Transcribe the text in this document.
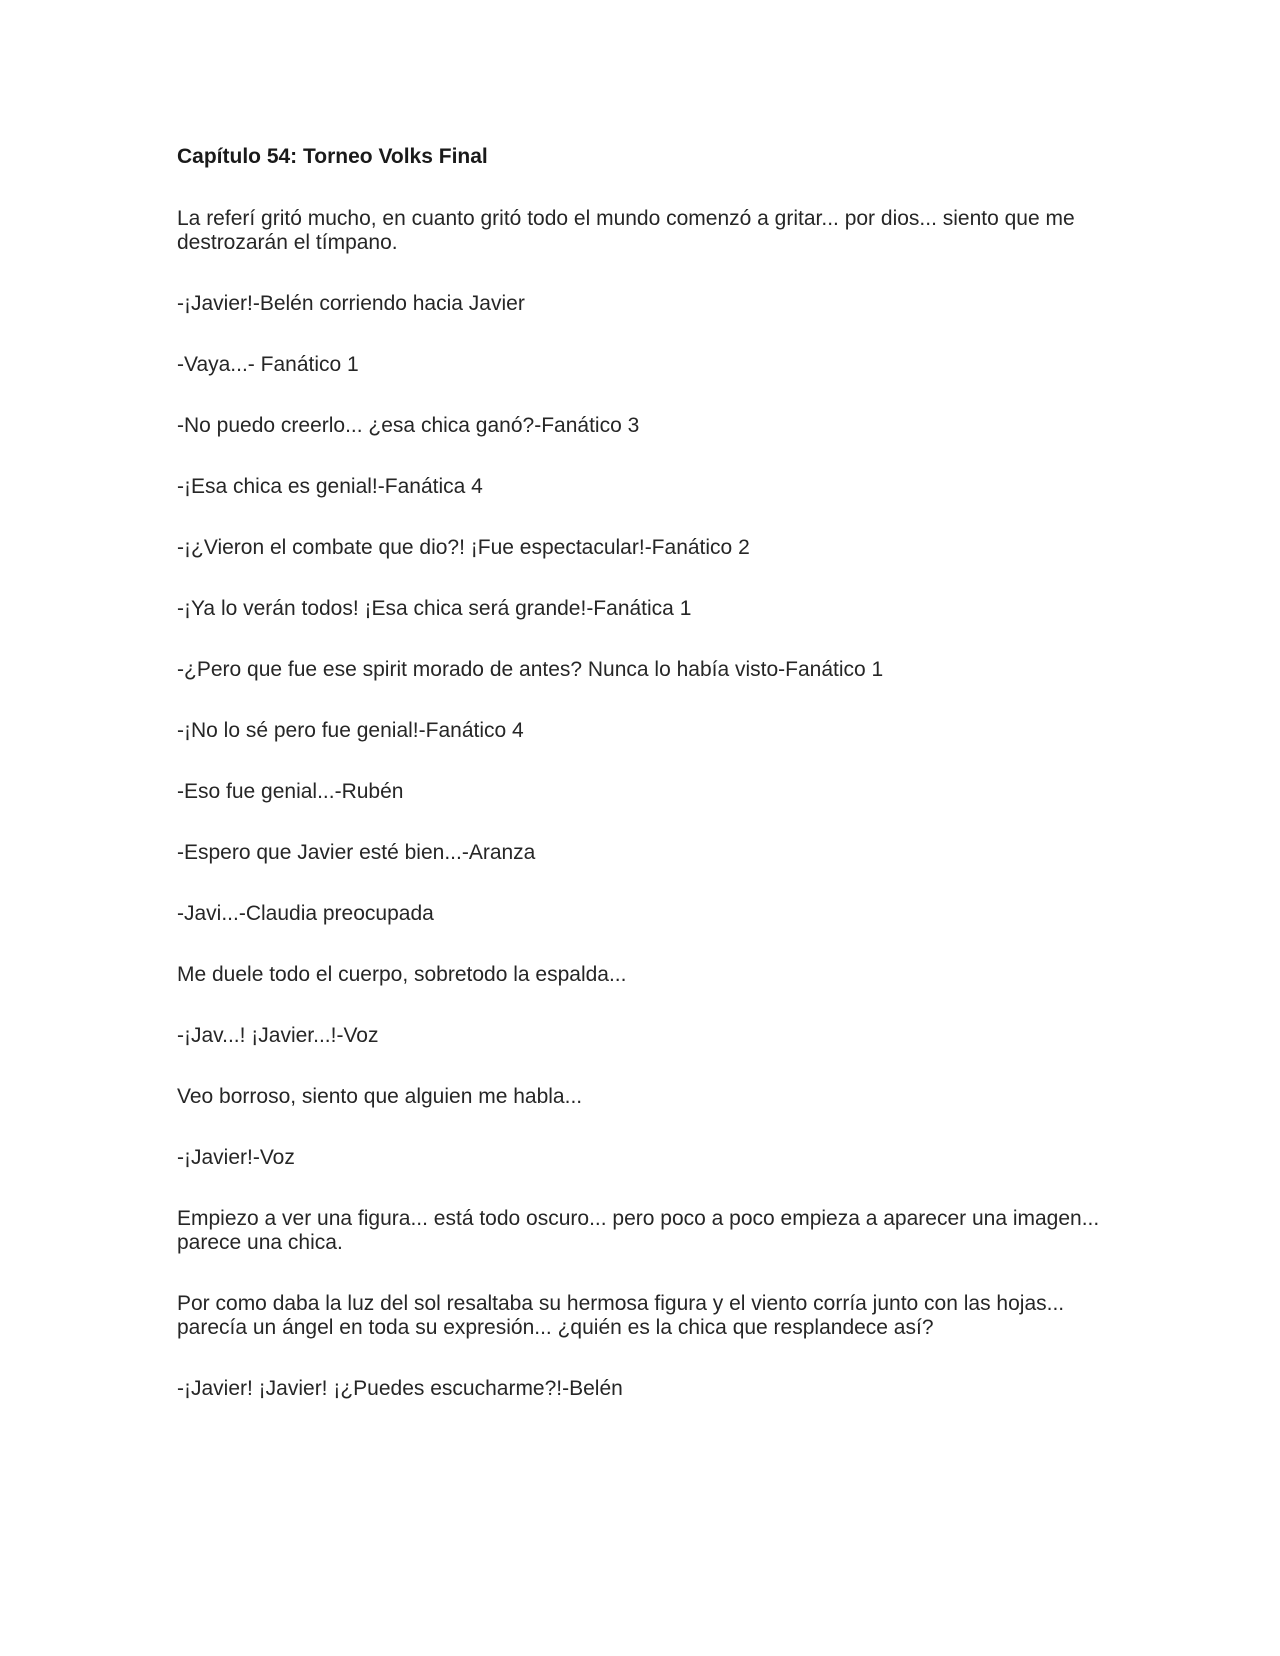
Capítulo 54: Torneo Volks Final

La referí gritó mucho, en cuanto gritó todo el mundo comenzó a gritar... por dios... siento que me destrozarán el tímpano.

-¡Javier!-Belén corriendo hacia Javier

-Vaya...- Fanático 1

-No puedo creerlo... ¿esa chica ganó?-Fanático 3

-¡Esa chica es genial!-Fanática 4

-¡¿Vieron el combate que dio?! ¡Fue espectacular!-Fanático 2

-¡Ya lo verán todos! ¡Esa chica será grande!-Fanática 1

-¿Pero que fue ese spirit morado de antes? Nunca lo había visto-Fanático 1

-¡No lo sé pero fue genial!-Fanático 4

-Eso fue genial...-Rubén

-Espero que Javier esté bien...-Aranza

-Javi...-Claudia preocupada

Me duele todo el cuerpo, sobretodo la espalda...

-¡Jav...! ¡Javier...!-Voz

Veo borroso, siento que alguien me habla...

-¡Javier!-Voz

Empiezo a ver una figura... está todo oscuro... pero poco a poco empieza a aparecer una imagen... parece una chica.

Por como daba la luz del sol resaltaba su hermosa figura y el viento corría junto con las hojas... parecía un ángel en toda su expresión... ¿quién es la chica que resplandece así?

-¡Javier! ¡Javier! ¡¿Puedes escucharme?!-Belén
